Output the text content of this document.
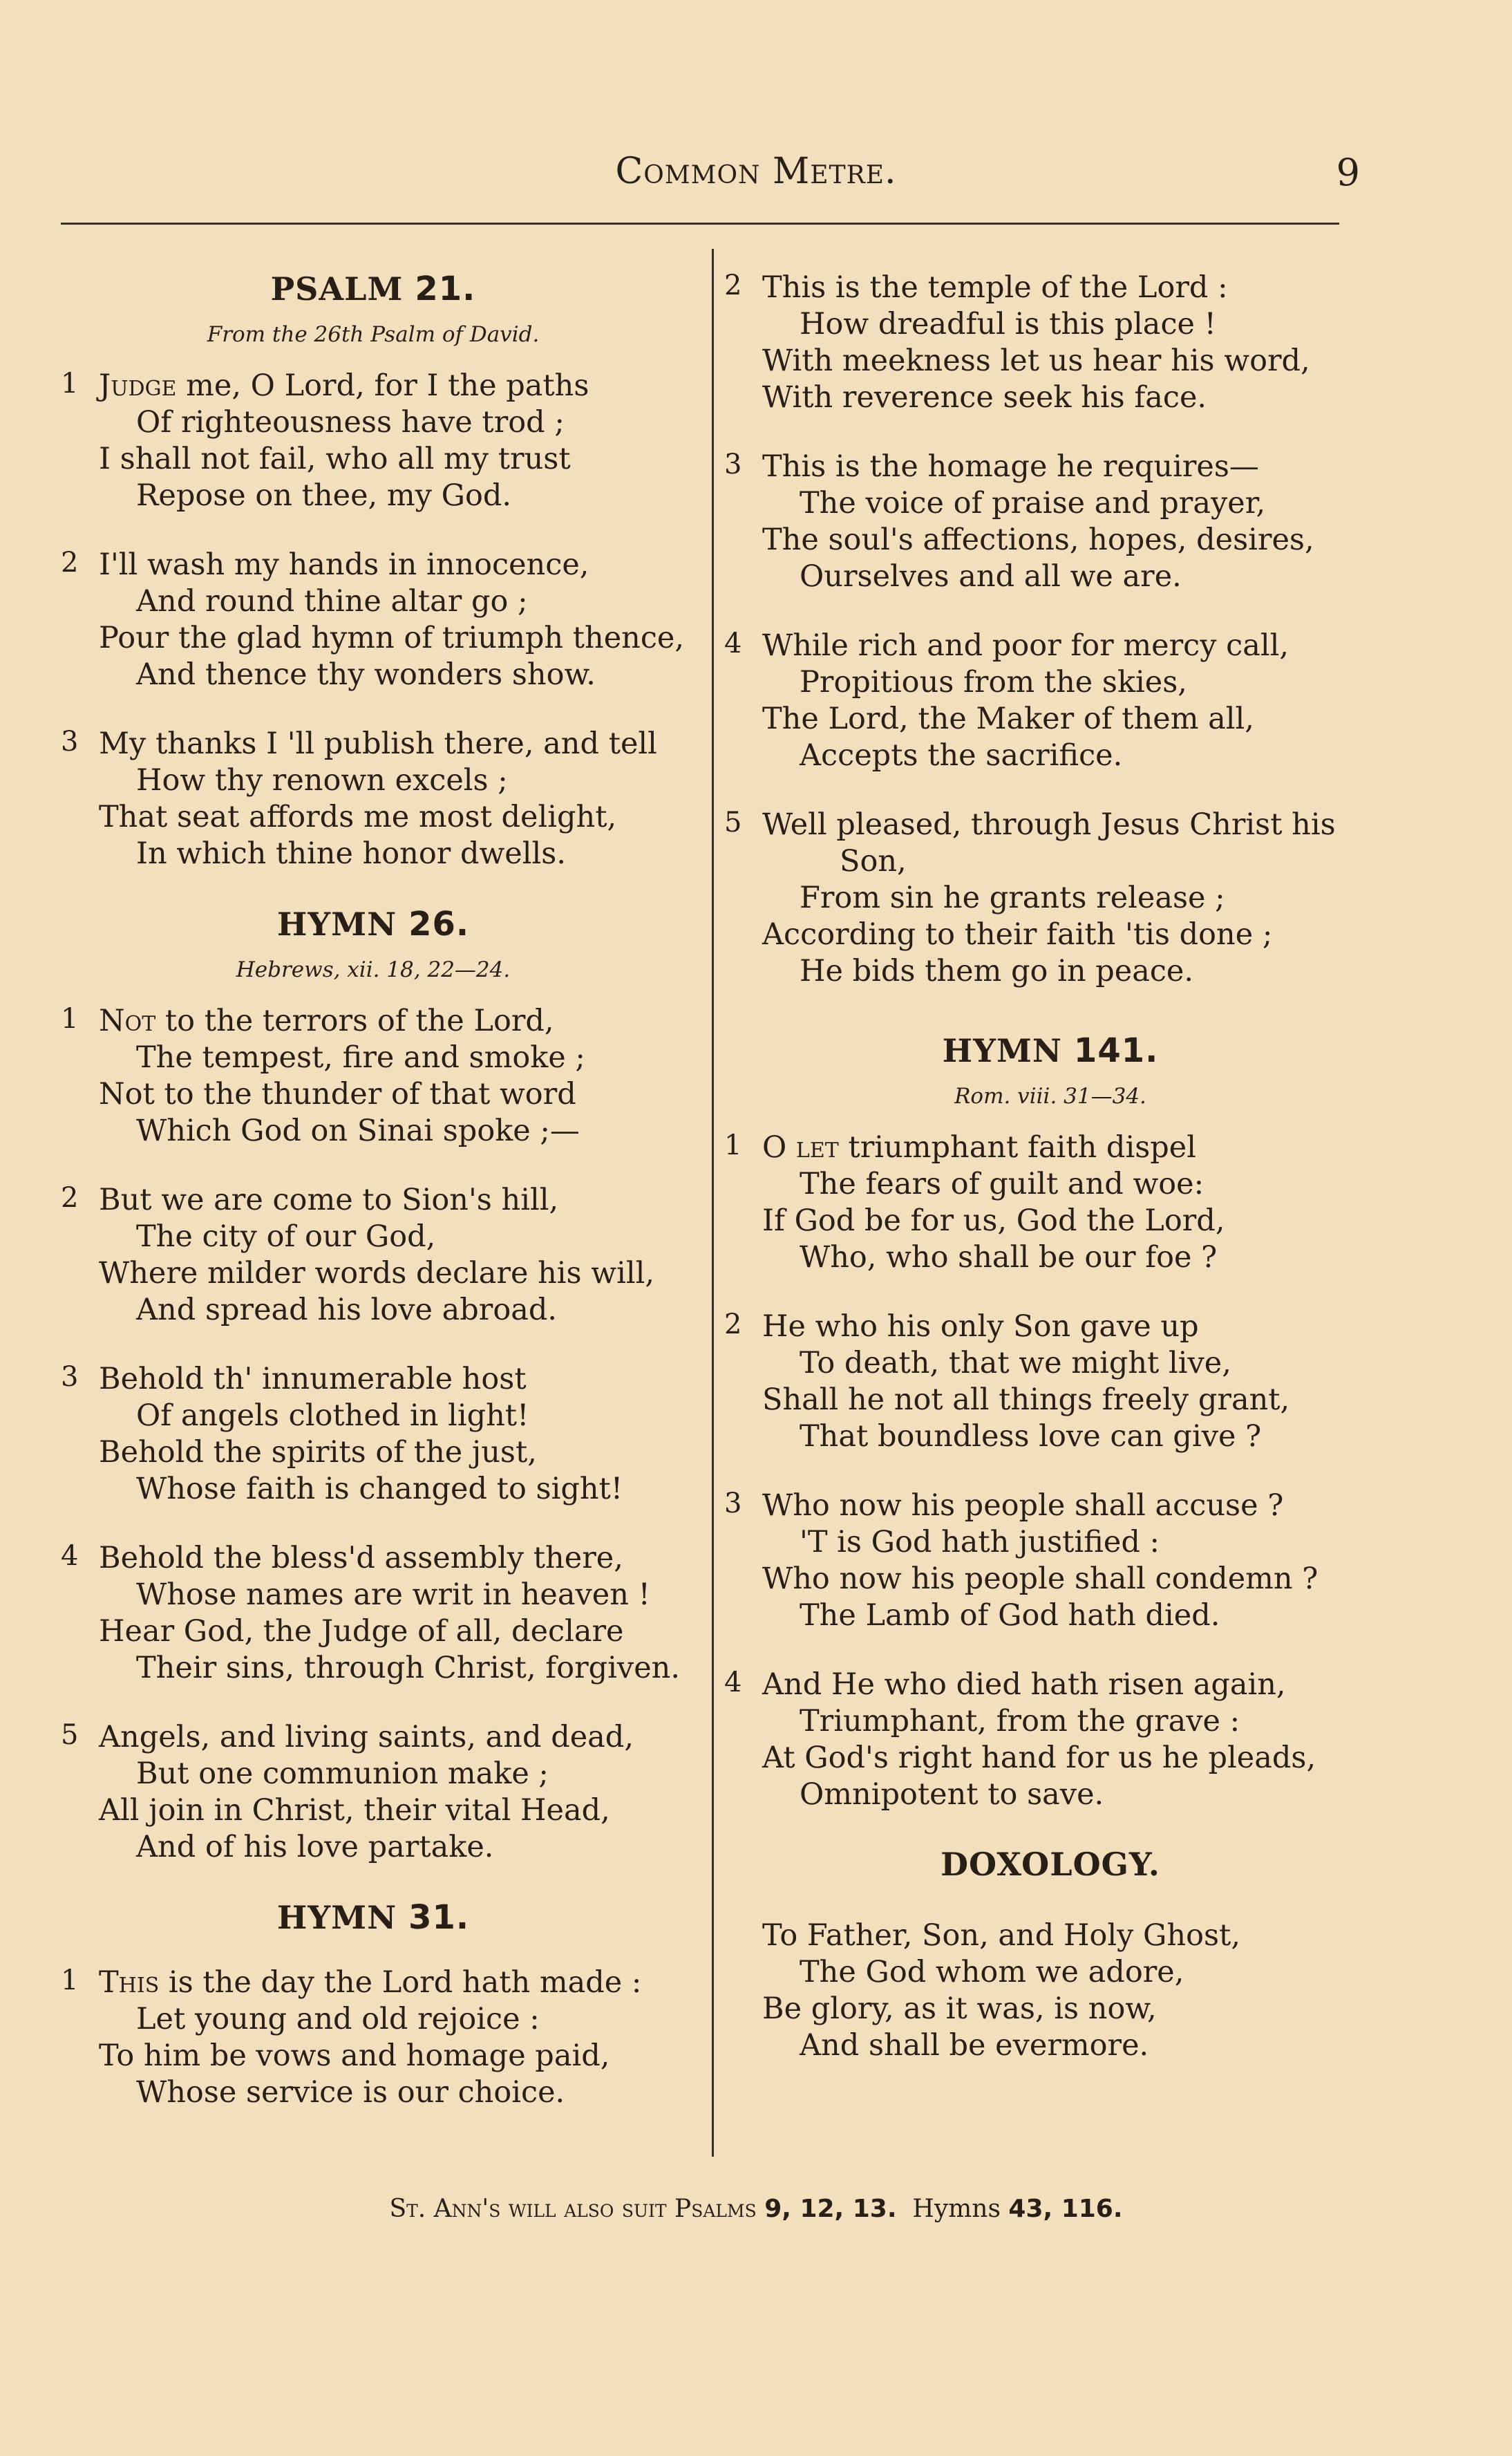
Common Metre.	9
PSALM 21.
From the 26th Psalm of David.
1 Judge me, O Lord, for I the paths
Of righteousness have trod ;
I shall not fail, who all my trust
Repose on thee, my God.
2 I'll wash my hands in innocence,
And round thine altar go ;
Pour the glad hymn of triumph thence,
And thence thy wonders show.
3 My thanks I 'll publish there, and tell
How thy renown excels ;
That seat affords me most delight,
In which thine honor dwells.
HYMN 26.
Hebrews, xii. 18, 22—24.
1 Not to the terrors of the Lord,
The tempest, fire and smoke ;
Not to the thunder of that word
Which God on Sinai spoke ;—
2 But we are come to Sion's hill,
The city of our God,
Where milder words declare his will,
And spread his love abroad.
3 Behold th' innumerable host
Of angels clothed in light!
Behold the spirits of the just,
Whose faith is changed to sight!
4 Behold the bless'd assembly there,
Whose names are writ in heaven !
Hear God, the Judge of all, declare
Their sins, through Christ, forgiven.
5 Angels, and living saints, and dead,
But one communion make ;
All join in Christ, their vital Head,
And of his love partake.
HYMN 31.
1 This is the day the Lord hath made :
Let young and old rejoice :
To him be vows and homage paid,
Whose service is our choice.
2 This is the temple of the Lord :
How dreadful is this place !
With meekness let us hear his word,
With reverence seek his face.
3 This is the homage he requires—
The voice of praise and prayer,
The soul's affections, hopes, desires,
Ourselves and all we are.
4 While rich and poor for mercy call,
Propitious from the skies,
The Lord, the Maker of them all,
Accepts the sacrifice.
5 Well pleased, through Jesus Christ his
Son,
From sin he grants release ;
According to their faith 'tis done ;
He bids them go in peace.
HYMN 141.
Rom. viii. 31—34.
1 O let triumphant faith dispel
The fears of guilt and woe:
If God be for us, God the Lord,
Who, who shall be our foe ?
2 He who his only Son gave up
To death, that we might live,
Shall he not all things freely grant,
That boundless love can give ?
3 Who now his people shall accuse ?
'T is God hath justified :
Who now his people shall condemn ?
The Lamb of God hath died.
4 And He who died hath risen again,
Triumphant, from the grave :
At God's right hand for us he pleads,
Omnipotent to save.
DOXOLOGY.
To Father, Son, and Holy Ghost,
The God whom we adore,
Be glory, as it was, is now,
And shall be evermore.
St. Ann's will also suit Psalms 9, 12, 13. Hymns 43, 116.
